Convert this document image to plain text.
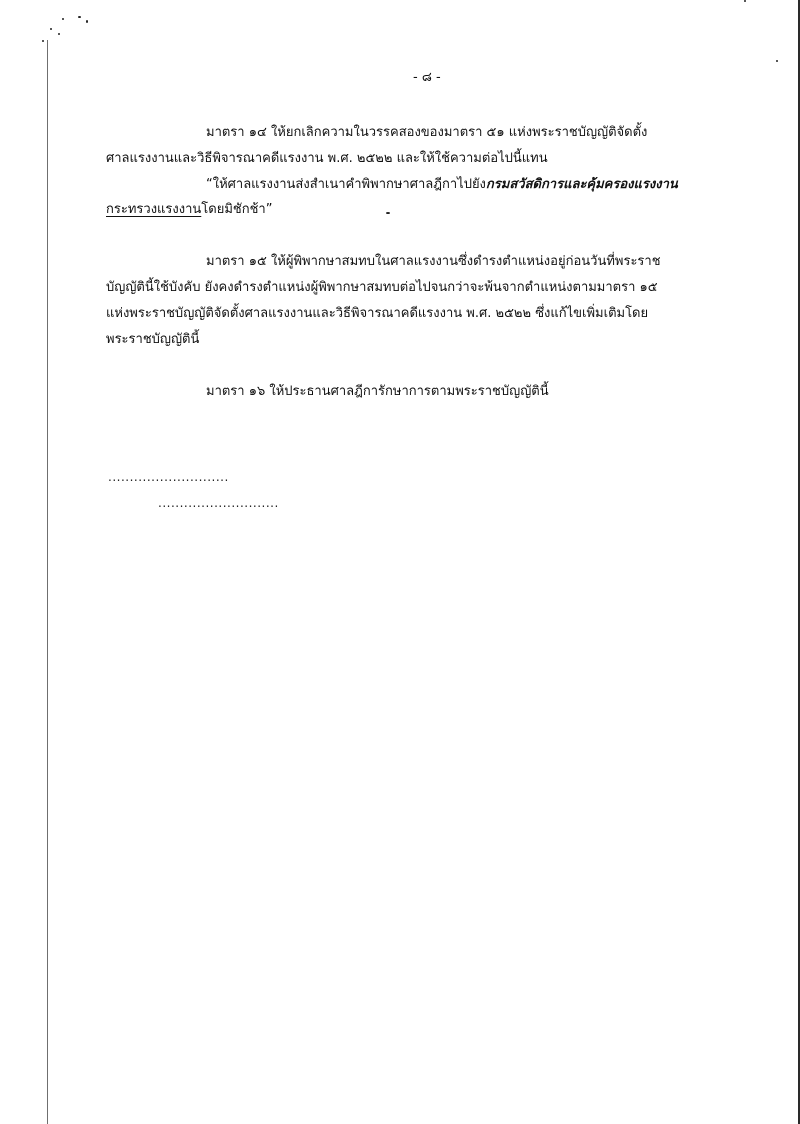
- ๘ -
มาตรา ๑๔ ให้ยกเลิกความในวรรคสองของมาตรา ๕๑ แห่งพระราชบัญญัติจัดตั้ง
ศาลแรงงานและวิธีพิจารณาคดีแรงงาน พ.ศ. ๒๕๒๒ และให้ใช้ความต่อไปนี้แทน
“ให้ศาลแรงงานส่งสำเนาคำพิพากษาศาลฎีกาไปยังกรมสวัสดิการและคุ้มครองแรงงาน
กระทรวงแรงงานโดยมิชักช้า”
มาตรา ๑๕ ให้ผู้พิพากษาสมทบในศาลแรงงานซึ่งดำรงตำแหน่งอยู่ก่อนวันที่พระราช
บัญญัตินี้ใช้บังคับ ยังคงดำรงตำแหน่งผู้พิพากษาสมทบต่อไปจนกว่าจะพ้นจากตำแหน่งตามมาตรา ๑๕
แห่งพระราชบัญญัติจัดตั้งศาลแรงงานและวิธีพิจารณาคดีแรงงาน พ.ศ. ๒๕๒๒ ซึ่งแก้ไขเพิ่มเติมโดย
พระราชบัญญัตินี้
มาตรา ๑๖ ให้ประธานศาลฎีการักษาการตามพระราชบัญญัตินี้
............................
............................
